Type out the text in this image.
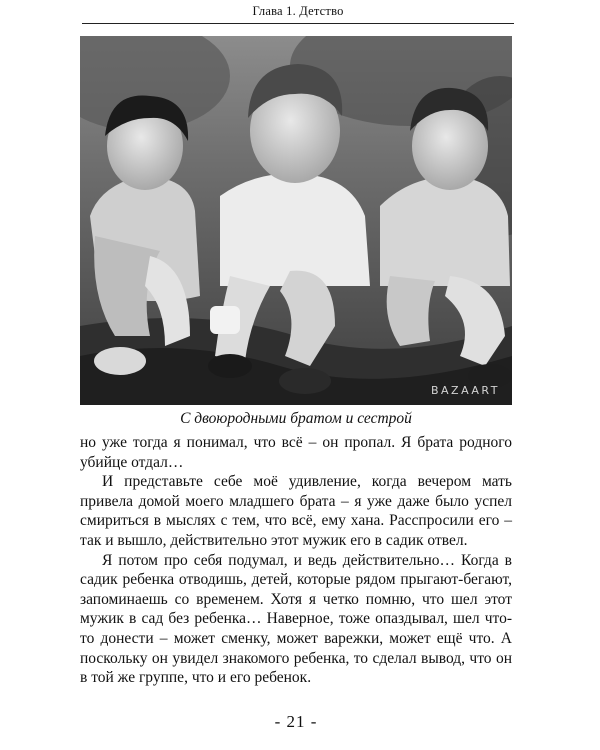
Глава 1. Детство
BAZAART
С двоюродными братом и сестрой

но уже тогда я понимал, что всё – он пропал. Я брата родного убийце отдал…

И представьте себе моё удивление, когда вечером мать привела домой моего младшего брата – я уже даже было успел смириться в мыслях с тем, что всё, ему хана. Расспросили его – так и вышло, действительно этот мужик его в садик отвел.

Я потом про себя подумал, и ведь действительно… Когда в садик ребенка отводишь, детей, которые рядом прыгают-бегают, запоминаешь со временем. Хотя я четко помню, что шел этот мужик в сад без ребенка… Наверное, тоже опаздывал, шел что-то донести – может сменку, может варежки, может ещё что. А поскольку он увидел знакомого ребенка, то сделал вывод, что он в той же группе, что и его ребенок.

- 21 -
